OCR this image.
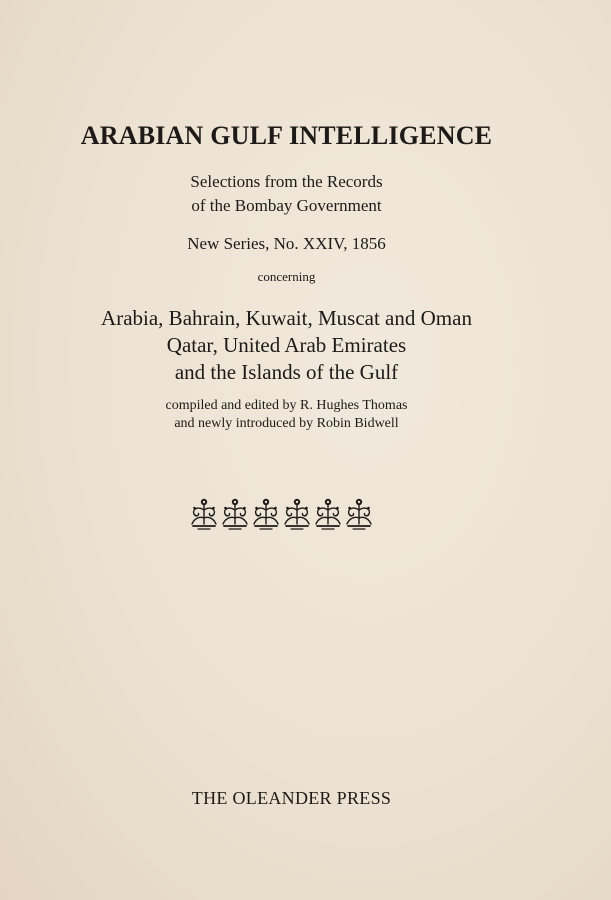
ARABIAN GULF INTELLIGENCE
Selections from the Records
of the Bombay Government
New Series, No. XXIV, 1856
concerning
Arabia, Bahrain, Kuwait, Muscat and Oman
Qatar, United Arab Emirates
and the Islands of the Gulf
compiled and edited by R. Hughes Thomas
and newly introduced by Robin Bidwell
THE OLEANDER PRESS
